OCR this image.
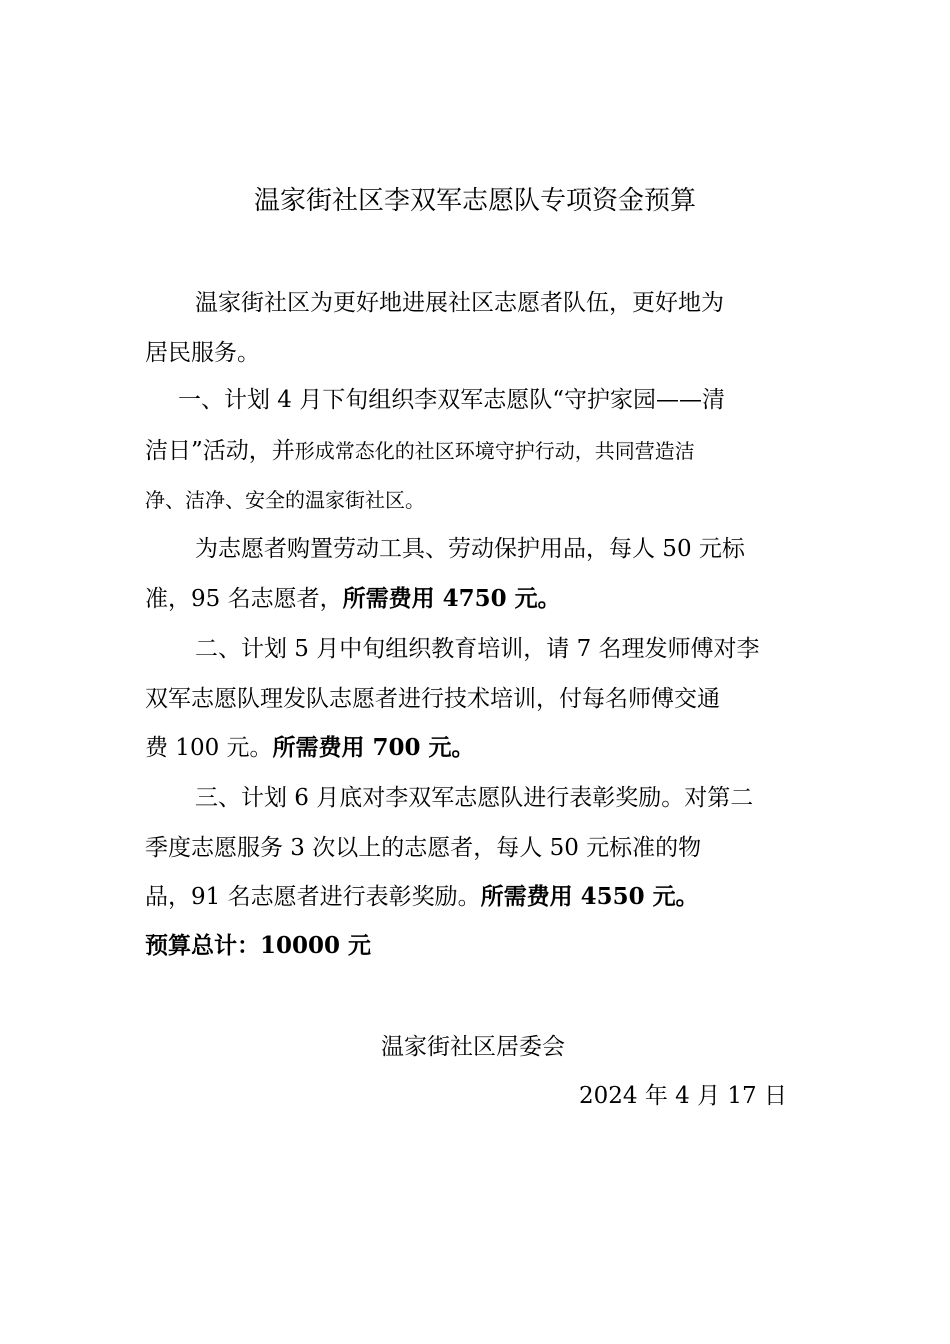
温家街社区李双军志愿队专项资金预算
温家街社区为更好地进展社区志愿者队伍，更好地为
居民服务。
一、计划 4 月下旬组织李双军志愿队“守护家园——清
洁日”活动，并形成常态化的社区环境守护行动，共同营造洁
净、洁净、安全的温家街社区。
为志愿者购置劳动工具、劳动保护用品，每人 50 元标
准，95 名志愿者，所需费用 4750 元。
二、计划 5 月中旬组织教育培训，请 7 名理发师傅对李
双军志愿队理发队志愿者进行技术培训，付每名师傅交通
费 100 元。所需费用 700 元。
三、计划 6 月底对李双军志愿队进行表彰奖励。对第二
季度志愿服务 3 次以上的志愿者，每人 50 元标准的物
品，91 名志愿者进行表彰奖励。所需费用 4550 元。
预算总计：10000 元
温家街社区居委会
2024 年 4 月 17 日
